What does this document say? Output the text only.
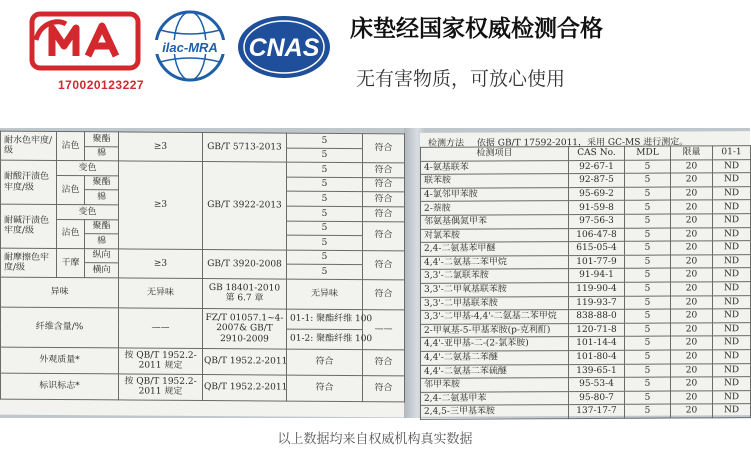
170020123227
ilac-MRA CNAS
床垫经国家权威检测合格
无有害物质，可放心使用
耐水色牢度/级	沾色	聚酯	≥3	GB/T 5713-2013	5	符合
		棉			5	
耐酸汗渍色牢度/级	变色		≥3	GB/T 3922-2013	5	符合
	沾色	聚酯			5	符合
		棉			5	符合
耐碱汗渍色牢度/级	变色				5	符合
	沾色	聚酯			5	符合
		棉			5	
耐摩擦色牢度/级	干摩	纵向	≥3	GB/T 3920-2008	5	符合
		横向			5	
异味			无异味	GB 18401-2010 第 6.7 章	无异味	符合
纤维含量/%			——	FZ/T 01057.1~4-2007& GB/T 2910-2009	01-1: 聚酯纤维 100	——
					01-2: 聚酯纤维 100	
外观质量*			按 QB/T 1952.2-2011 规定	QB/T 1952.2-2011	符合	符合
标识标志*			按 QB/T 1952.2-2011 规定	QB/T 1952.2-2011	符合	符合
检测方法 依据 GB/T 17592-2011，采用 GC-MS 进行测定。
检测项目	CAS No.	MDL	限量	01-1
4-氨基联苯	92-67-1	5	20	ND
联苯胺	92-87-5	5	20	ND
4-氯邻甲苯胺	95-69-2	5	20	ND
2-萘胺	91-59-8	5	20	ND
邻氨基偶氮甲苯	97-56-3	5	20	ND
对氯苯胺	106-47-8	5	20	ND
2,4-二氨基苯甲醚	615-05-4	5	20	ND
4,4'-二氨基二苯甲烷	101-77-9	5	20	ND
3,3'-二氯联苯胺	91-94-1	5	20	ND
3,3'-二甲氧基联苯胺	119-90-4	5	20	ND
3,3'-二甲基联苯胺	119-93-7	5	20	ND
3,3'-二甲基-4,4'-二氨基二苯甲烷	838-88-0	5	20	ND
2-甲氧基-5-甲基苯胺(p-克利酊)	120-71-8	5	20	ND
4,4'-亚甲基-二-(2-氯苯胺)	101-14-4	5	20	ND
4,4'-二氨基二苯醚	101-80-4	5	20	ND
4,4'-二氨基二苯硫醚	139-65-1	5	20	ND
邻甲苯胺	95-53-4	5	20	ND
2,4-二氨基甲苯	95-80-7	5	20	ND
2,4,5-三甲基苯胺	137-17-7	5	20	ND
以上数据均来自权威机构真实数据
